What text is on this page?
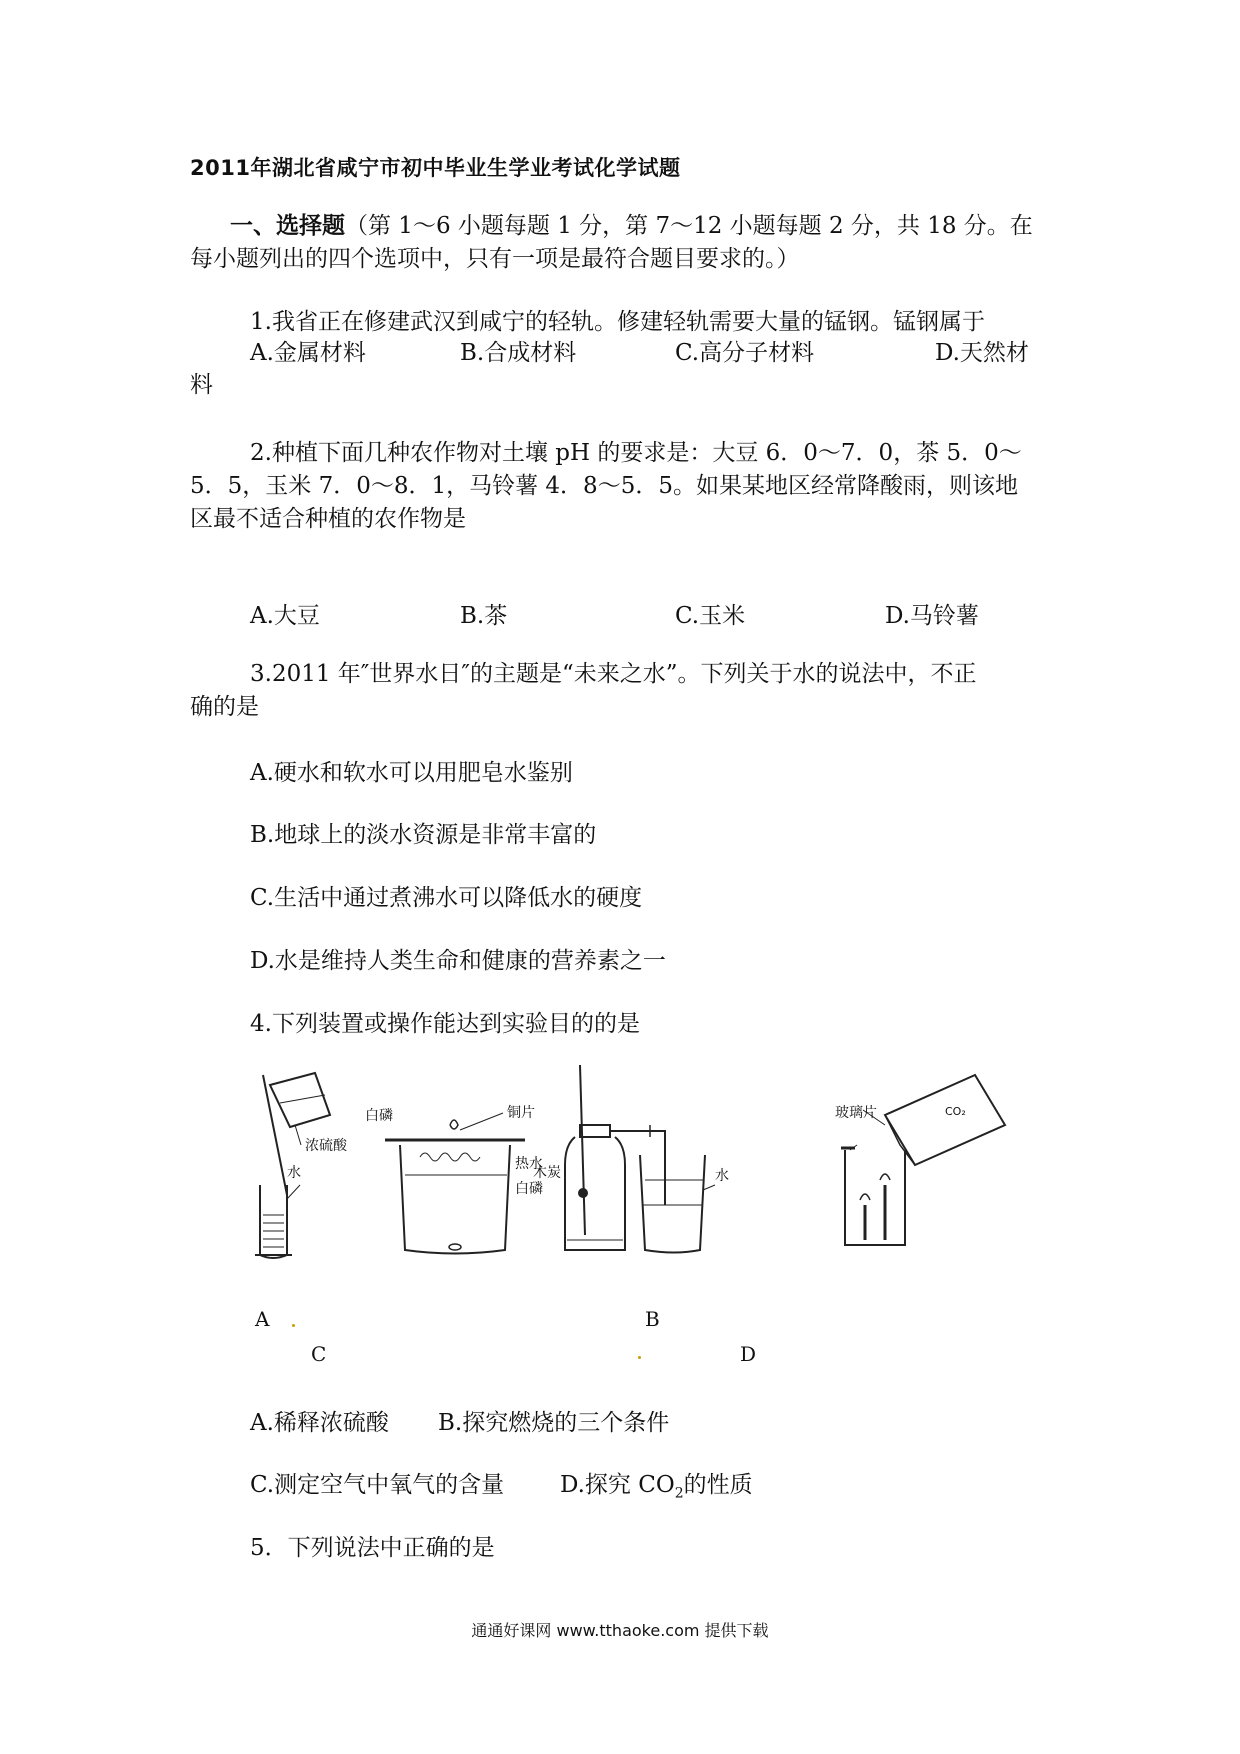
2011年湖北省咸宁市初中毕业生学业考试化学试题
一、选择题（第 1～6 小题每题 1 分，第 7～12 小题每题 2 分，共 18 分。在
每小题列出的四个选项中，只有一项是最符合题目要求的。）
1.我省正在修建武汉到咸宁的轻轨。修建轻轨需要大量的锰钢。锰钢属于
A.金属材料	B.合成材料	C.高分子材料	D.天然材
料
2.种植下面几种农作物对土壤 pH 的要求是：大豆 6．0～7．0，茶 5．0～
5．5，玉米 7．0～8．1，马铃薯 4．8～5．5。如果某地区经常降酸雨，则该地
区最不适合种植的农作物是
A.大豆	B.茶	C.玉米	D.马铃薯
3.2011 年″世界水日″的主题是“未来之水”。下列关于水的说法中，不正
确的是
A.硬水和软水可以用肥皂水鉴别
B.地球上的淡水资源是非常丰富的
C.生活中通过煮沸水可以降低水的硬度
D.水是维持人类生命和健康的营养素之一
4.下列装置或操作能达到实验目的的是
浓硫酸
水
白磷	铜片
热水
白磷
木炭	水
玻璃片	CO₂
A	B
C	D
A.稀释浓硫酸 B.探究燃烧的三个条件
C.测定空气中氧气的含量 D.探究 $CO_2$的性质
5．下列说法中正确的是
通通好课网 www.tthaoke.com 提供下载
